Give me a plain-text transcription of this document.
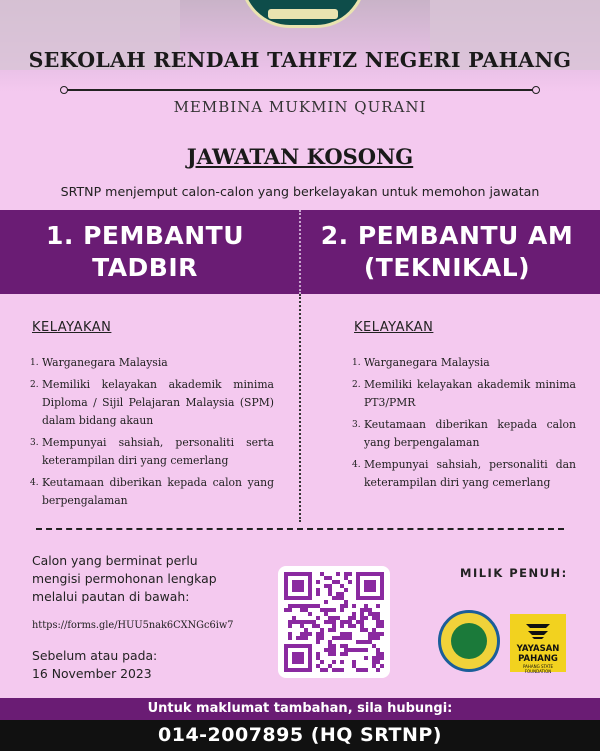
SEKOLAH RENDAH TAHFIZ NEGERI PAHANG
MEMBINA MUKMIN QURANI
JAWATAN KOSONG
SRTNP menjemput calon-calon yang berkelayakan untuk memohon jawatan
1. PEMBANTU
TADBIR
2. PEMBANTU AM
(TEKNIKAL)
KELAYAKAN
1. Warganegara Malaysia
2. Memiliki kelayakan akademik minima Diploma / Sijil Pelajaran Malaysia (SPM) dalam bidang akaun
3. Mempunyai sahsiah, personaliti serta keterampilan diri yang cemerlang
4. Keutamaan diberikan kepada calon yang berpengalaman
KELAYAKAN
1. Warganegara Malaysia
2. Memiliki kelayakan akademik minima PT3/PMR
3. Keutamaan diberikan kepada calon yang berpengalaman
4. Mempunyai sahsiah, personaliti dan keterampilan diri yang cemerlang
Calon yang berminat perlu mengisi permohonan lengkap melalui pautan di bawah:
https://forms.gle/HUU5nak6CXNGc6iw7
Sebelum atau pada:
16 November 2023
MILIK PENUH:
YAYASAN
PAHANG
PAHANG STATE FOUNDATION
Untuk maklumat tambahan, sila hubungi:
014-2007895 (HQ SRTNP)
